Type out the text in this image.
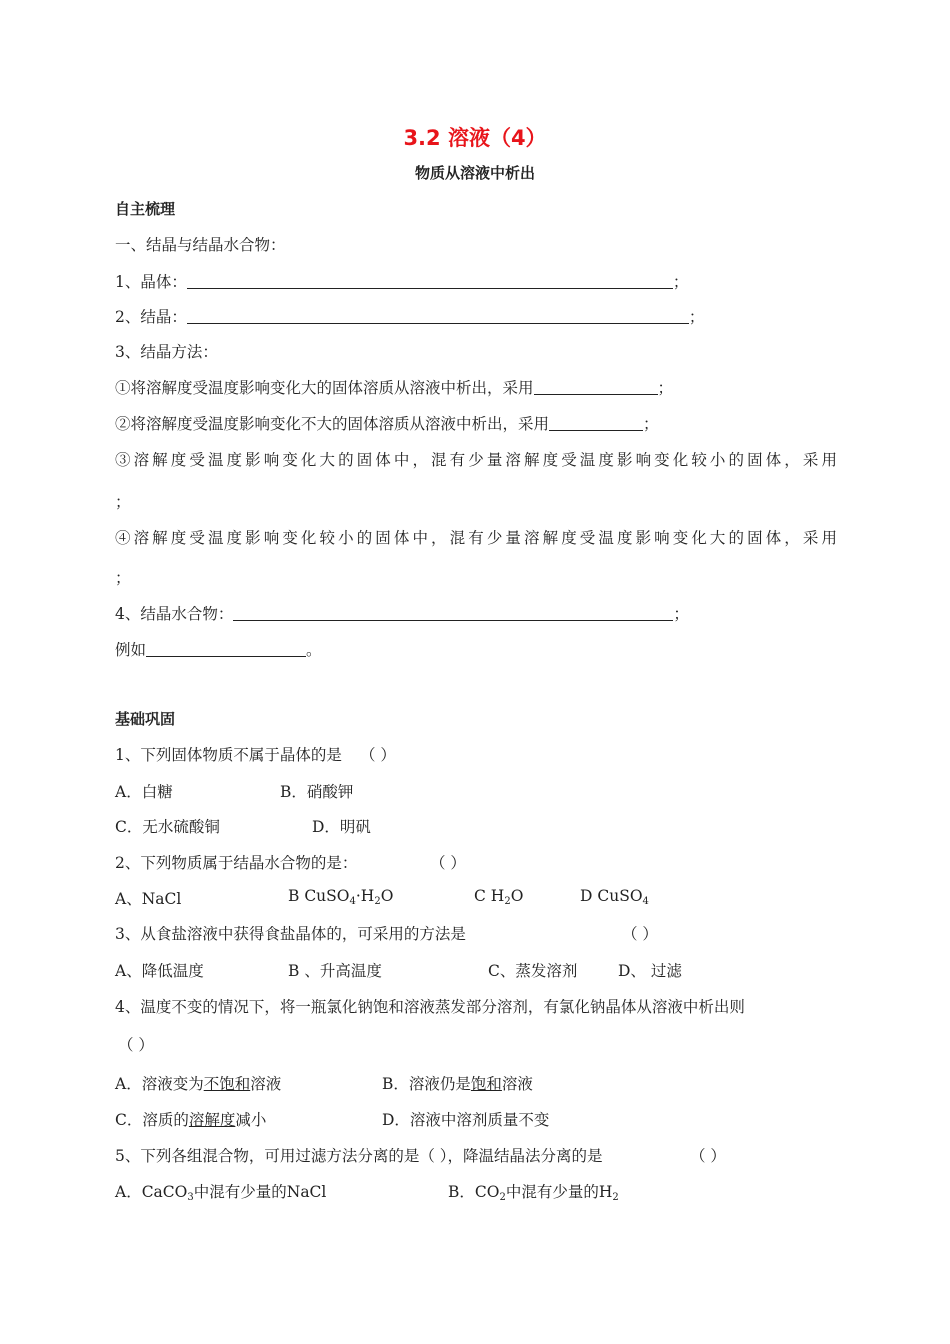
3.2 溶液（4）
物质从溶液中析出
自主梳理
一、结晶与结晶水合物：
1、晶体：	；
2、结晶：	；
3、结晶方法：
①将溶解度受温度影响变化大的固体溶质从溶液中析出，采用	；
②将溶解度受温度影响变化不大的固体溶质从溶液中析出，采用	；
③溶解度受温度影响变化大的固体中，混有少量溶解度受温度影响变化较小的固体，采用
；
④溶解度受温度影响变化较小的固体中，混有少量溶解度受温度影响变化大的固体，采用
；
4、结晶水合物：	；
例如	。
基础巩固
1、下列固体物质不属于晶体的是 （ ）
A．白糖	B．硝酸钾
C．无水硫酸铜	D．明矾
2、下列物质属于结晶水合物的是：	（ ）
A、NaCl	B $CuSO_4\cdot H_2O$	C $H_2O$	D CuSO$_4$
3、从食盐溶液中获得食盐晶体的，可采用的方法是	（ ）
A、降低温度	B 、升高温度	C、蒸发溶剂	D、 过滤
4、温度不变的情况下，将一瓶氯化钠饱和溶液蒸发部分溶剂，有氯化钠晶体从溶液中析出则
（ ）
A．溶液变为不饱和溶液	B．溶液仍是饱和溶液
C．溶质的溶解度减小	D．溶液中溶剂质量不变
5、下列各组混合物，可用过滤方法分离的是（ ），降温结晶法分离的是	（ ）
A．CaCO$_3$中混有少量的NaCl	B．$CO_2$中混有少量的$H_2$
